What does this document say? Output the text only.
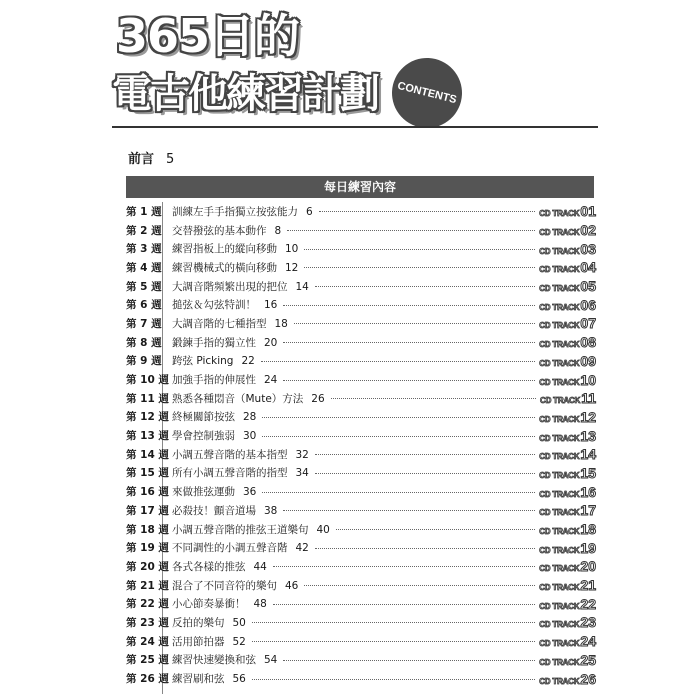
365日的
電古他練習計劃	CONTENTS
前言 5
每日練習內容
第 1 週 訓練左手手指獨立按弦能力 6	CD TRACK 01
第 2 週 交替撥弦的基本動作 8	CD TRACK 02
第 3 週 練習指板上的縱向移動 10	CD TRACK 03
第 4 週 練習機械式的橫向移動 12	CD TRACK 04
第 5 週 大調音階頻繁出現的把位 14	CD TRACK 05
第 6 週 搥弦＆勾弦特訓！ 16	CD TRACK 06
第 7 週 大調音階的七種指型 18	CD TRACK 07
第 8 週 鍛鍊手指的獨立性 20	CD TRACK 08
第 9 週 跨弦 Picking 22	CD TRACK 09
第 10 週 加強手指的伸展性 24	CD TRACK 10
第 11 週 熟悉各種悶音（Mute）方法 26	CD TRACK 11
第 12 週 終極關節按弦 28	CD TRACK 12
第 13 週 學會控制強弱 30	CD TRACK 13
第 14 週 小調五聲音階的基本指型 32	CD TRACK 14
第 15 週 所有小調五聲音階的指型 34	CD TRACK 15
第 16 週 來做推弦運動 36	CD TRACK 16
第 17 週 必殺技！顫音道場 38	CD TRACK 17
第 18 週 小調五聲音階的推弦王道樂句 40	CD TRACK 18
第 19 週 不同調性的小調五聲音階 42	CD TRACK 19
第 20 週 各式各樣的推弦 44	CD TRACK 20
第 21 週 混合了不同音符的樂句 46	CD TRACK 21
第 22 週 小心節奏暴衝！ 48	CD TRACK 22
第 23 週 反拍的樂句 50	CD TRACK 23
第 24 週 活用節拍器 52	CD TRACK 24
第 25 週 練習快速變換和弦 54	CD TRACK 25
第 26 週 練習刷和弦 56	CD TRACK 26
